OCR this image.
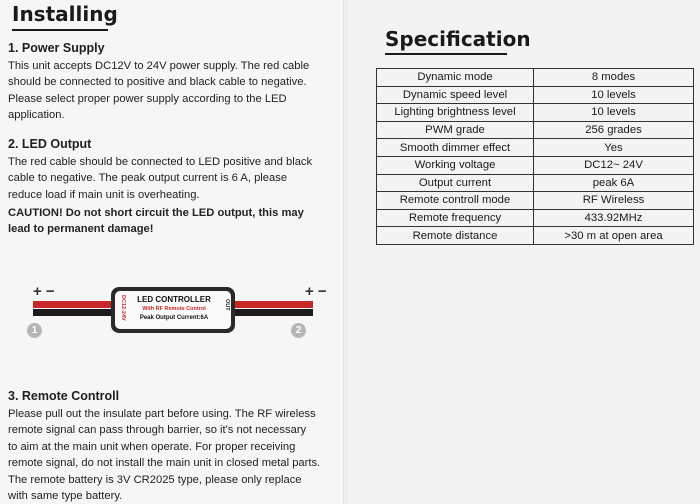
Installing
1. Power Supply

This unit accepts DC12V to 24V power supply. The red cable
should be connected to positive and black cable to negative.
Please select proper power supply according to the LED
application.

2. LED Output

The red cable should be connected to LED positive and black
cable to negative. The peak output current is 6 A, please
reduce load if main unit is overheating.

CAUTION! Do not short circuit the LED output, this may
lead to permanent damage!

+ −	+ −
1	2
DC12-24V	OUT
LED CONTROLLER
With RF Remote Control
Peak Output Current:6A
3. Remote Controll

Please pull out the insulate part before using. The RF wireless
remote signal can pass through barrier, so it's not necessary
to aim at the main unit when operate. For proper receiving
remote signal, do not install the main unit in closed metal parts.
The remote battery is 3V CR2025 type, please only replace
with same type battery.

Specification
Dynamic mode	8 modes
Dynamic speed level	10 levels
Lighting brightness level	10 levels
PWM grade	256 grades
Smooth dimmer effect	Yes
Working voltage	DC12~ 24V
Output current	peak 6A
Remote controll mode	RF Wireless
Remote frequency	433.92MHz
Remote distance	>30 m at open area
